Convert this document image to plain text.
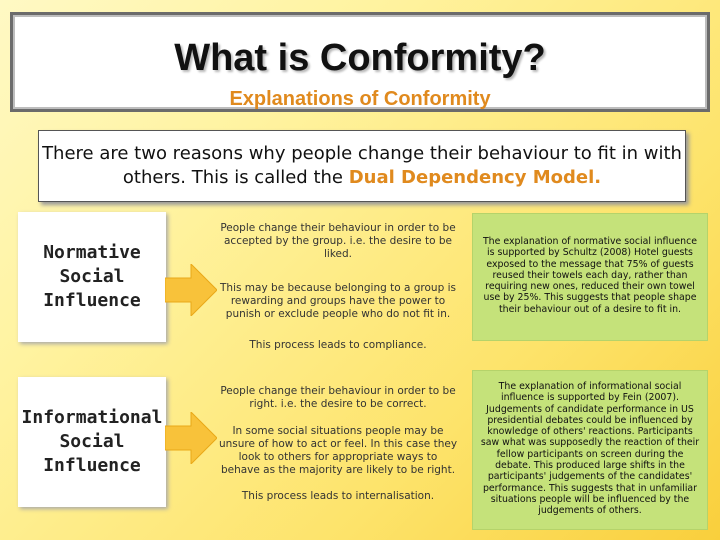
What is Conformity?
Explanations of Conformity
There are two reasons why people change their behaviour to fit in with others. This is called the Dual Dependency Model.
Normative
Social
Influence
People change their behaviour in order to be accepted by the group. i.e. the desire to be liked.
This may be because belonging to a group is rewarding and groups have the power to punish or exclude people who do not fit in.
This process leads to compliance.
The explanation of normative social influence is supported by Schultz (2008) Hotel guests exposed to the message that 75% of guests reused their towels each day, rather than requiring new ones, reduced their own towel use by 25%. This suggests that people shape their behaviour out of a desire to fit in.
Informational
Social
Influence
People change their behaviour in order to be right. i.e. the desire to be correct.
In some social situations people may be unsure of how to act or feel. In this case they look to others for appropriate ways to behave as the majority are likely to be right.
This process leads to internalisation.
The explanation of informational social influence is supported by Fein (2007). Judgements of candidate performance in US presidential debates could be influenced by knowledge of others' reactions. Participants saw what was supposedly the reaction of their fellow participants on screen during the debate. This produced large shifts in the participants' judgements of the candidates' performance. This suggests that in unfamiliar situations people will be influenced by the judgements of others.
